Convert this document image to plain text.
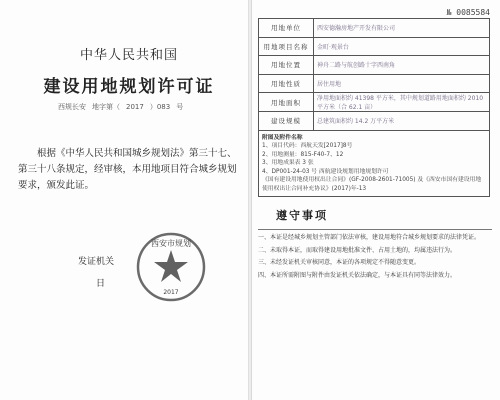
№ 0085584
中华人民共和国
建设用地规划许可证
西规长安 地字第（ 2017 ）083 号
根据《中华人民共和国城乡规划法》第三十七、第三十八条规定，经审核，本用地项目符合城乡规划要求，颁发此证。
发证机关
日
西安市规划
2017
用地单位	西安德瀚房地产开发有限公司
用地项目名称	金町·观景台
用地位置	神舟二路与航创路十字西南角
用地性质	居住用地
用地面积	净用地面积约 41398 平方米，其中规划道路用地面积约 2010 平方米（合 62.1 亩）
建设规模	总建筑面积约 14.2 万平方米
附图及附件名称
1、项目代码：西航天发[2017]8号
2、用地测量：815-F40-7、12
3、用地成果表 3 张
4、DP001-24-03 号 西航建设规划用地规划许可
《国有建设用地使用权出让合同》(GF-2008-2601-71005) 及《西安市国有建设用地使用权出让合同补充协议》(2017)年-13
遵守事项

一、本证是经城乡规划主管部门依法审核，建设用地符合城乡规划要求的法律凭证。

二、未取得本证，而取得建设用地批准文件、占用土地的，均属违法行为。

三、未经发证机关审核同意，本证的各项规定不得随意变更。

四、本证所需附图与附件由发证机关依法确定，与本证具有同等法律效力。
